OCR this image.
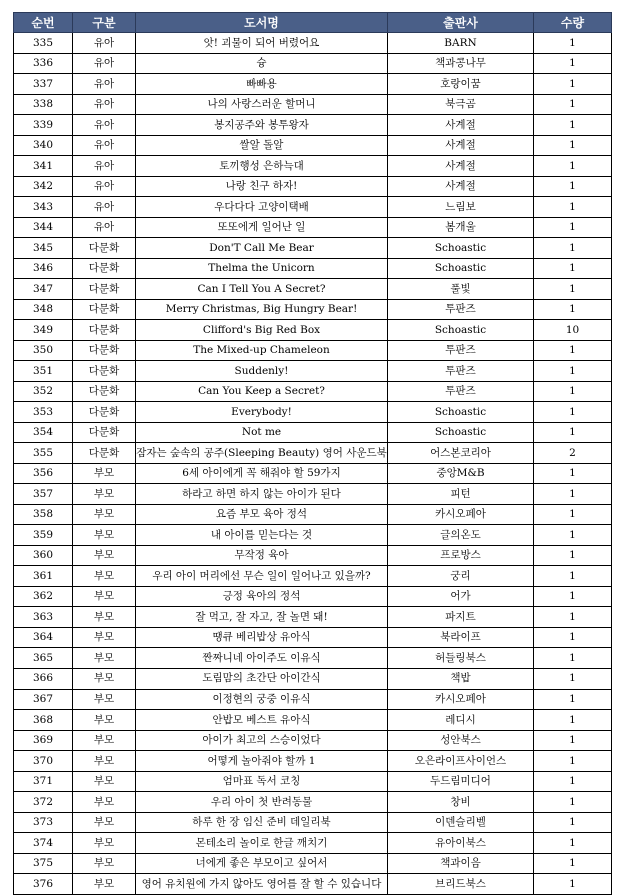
순번	구분	도서명	출판사	수량
335	유아	앗! 괴물이 되어 버렸어요	BARN	1
336	유아	슝	책과콩나무	1
337	유아	빠빠용	호랑이꿈	1
338	유아	나의 사랑스러운 할머니	북극곰	1
339	유아	봉지공주와 봉투왕자	사계절	1
340	유아	쌀알 돌알	사계절	1
341	유아	토끼행성 은하늑대	사계절	1
342	유아	나랑 친구 하자!	사계절	1
343	유아	우다다다 고양이택배	느림보	1
344	유아	또또에게 일어난 일	봄개울	1
345	다문화	Don'T Call Me Bear	Schoastic	1
346	다문화	Thelma the Unicorn	Schoastic	1
347	다문화	Can I Tell You A Secret?	풀빛	1
348	다문화	Merry Christmas, Big Hungry Bear!	투판즈	1
349	다문화	Clifford's Big Red Box	Schoastic	10
350	다문화	The Mixed-up Chameleon	투판즈	1
351	다문화	Suddenly!	투판즈	1
352	다문화	Can You Keep a Secret?	투판즈	1
353	다문화	Everybody!	Schoastic	1
354	다문화	Not me	Schoastic	1
355	다문화	잠자는 숲속의 공주(Sleeping Beauty) 영어 사운드북	어스본코리아	2
356	부모	6세 아이에게 꼭 해줘야 할 59가지	중앙M&B	1
357	부모	하라고 하면 하지 않는 아이가 된다	피턴	1
358	부모	요즘 부모 육아 정석	카시오페아	1
359	부모	내 아이를 믿는다는 것	글의온도	1
360	부모	무작정 육아	프로방스	1
361	부모	우리 아이 머리에선 무슨 일이 일어나고 있을까?	궁리	1
362	부모	긍정 육아의 정석	어가	1
363	부모	잘 먹고, 잘 자고, 잘 놀면 돼!	파지트	1
364	부모	땡큐 베리밥상 유아식	북라이프	1
365	부모	짠짜니네 아이주도 이유식	허들링북스	1
366	부모	도림맘의 초간단 아이간식	책밥	1
367	부모	이정현의 궁중 이유식	카시오페아	1
368	부모	안밥모 베스트 유아식	레디시	1
369	부모	아이가 최고의 스승이었다	성안북스	1
370	부모	어떻게 놀아줘야 할까 1	오은라이프사이언스	1
371	부모	엄마표 독서 코칭	두드림미디어	1
372	부모	우리 아이 첫 반려동물	창비	1
373	부모	하루 한 장 임신 준비 데일리북	이덴슬리벨	1
374	부모	몬테소리 놀이로 한글 깨치기	유아이북스	1
375	부모	너에게 좋은 부모이고 싶어서	책과이음	1
376	부모	영어 유치원에 가지 않아도 영어를 잘 할 수 있습니다	브리드북스	1
